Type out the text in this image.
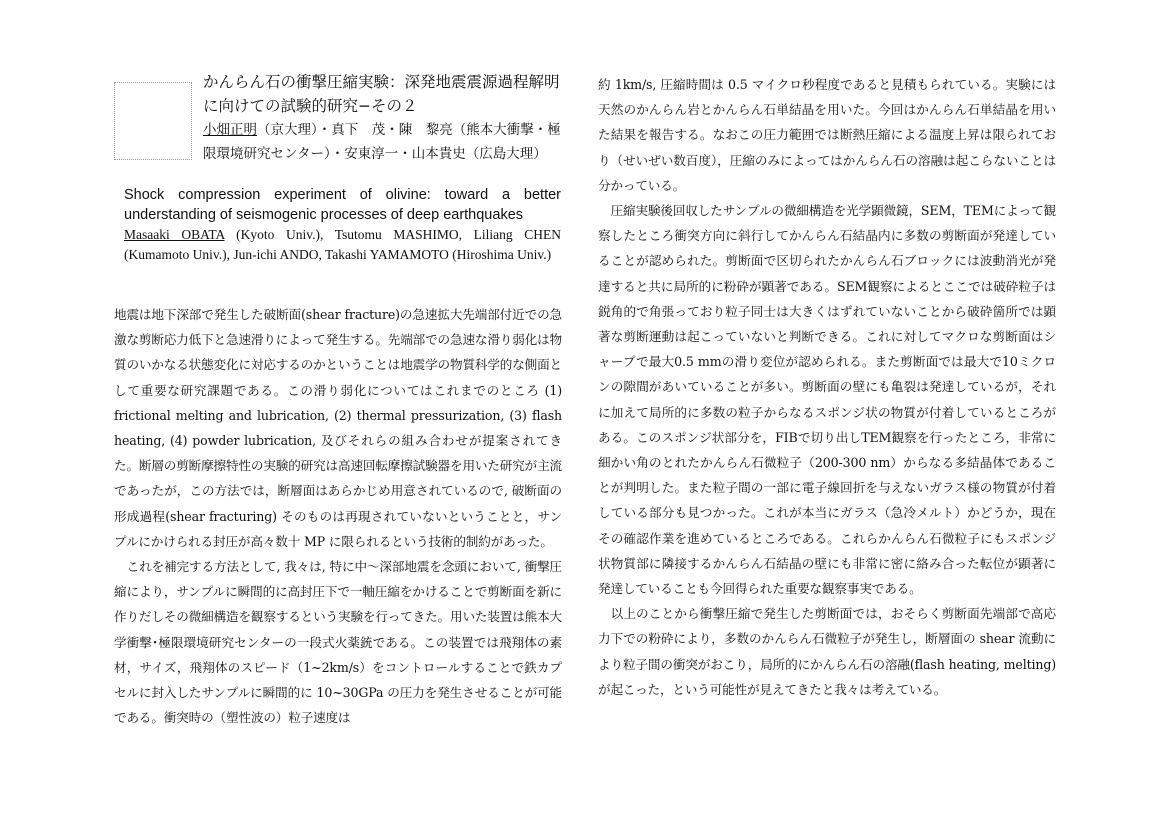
かんらん石の衝撃圧縮実験：深発地震震源過程解明に向けての試験的研究−その２
小畑正明（京大理）・真下　茂・陳　黎亮（熊本大衝撃・極限環境研究センター）・安東淳一・山本貴史（広島大理）
Shock compression experiment of olivine: toward a better understanding of seismogenic processes of deep earthquakes
Masaaki OBATA (Kyoto Univ.), Tsutomu MASHIMO, Liliang CHEN (Kumamoto Univ.), Jun-ichi ANDO, Takashi YAMAMOTO (Hiroshima Univ.)

地震は地下深部で発生した破断面(shear fracture)の急速拡大先端部付近での急激な剪断応力低下と急速滑りによって発生する。先端部での急速な滑り弱化は物質のいかなる状態変化に対応するのかということは地震学の物質科学的な側面として重要な研究課題である。この滑り弱化についてはこれまでのところ (1) frictional melting and lubrication, (2) thermal pressurization, (3) flash heating, (4) powder lubrication, 及びそれらの組み合わせが提案されてきた。断層の剪断摩擦特性の実験的研究は高速回転摩擦試験器を用いた研究が主流であったが，この方法では，断層面はあらかじめ用意されているので, 破断面の形成過程(shear fracturing) そのものは再現されていないということと，サンプルにかけられる封圧が高々数十 MP に限られるという技術的制約があった。

これを補完する方法として, 我々は, 特に中〜深部地震を念頭において, 衝撃圧縮により，サンプルに瞬間的に高封圧下で一軸圧縮をかけることで剪断面を新に作りだしその微細構造を観察するという実験を行ってきた。用いた装置は熊本大学衝撃･極限環境研究センターの一段式火薬銃である。この装置では飛翔体の素材，サイズ，飛翔体のスピード（1~2km/s）をコントロールすることで鉄カプセルに封入したサンプルに瞬間的に 10~30GPa の圧力を発生させることが可能である。衝突時の（塑性波の）粒子速度は

約 1km/s, 圧縮時間は 0.5 マイクロ秒程度であると見積もられている。実験には天然のかんらん岩とかんらん石単結晶を用いた。今回はかんらん石単結晶を用いた結果を報告する。なおこの圧力範囲では断熱圧縮による温度上昇は限られており（せいぜい数百度），圧縮のみによってはかんらん石の溶融は起こらないことは分かっている。

圧縮実験後回収したサンプルの微細構造を光学顕微鏡，SEM，TEMによって観察したところ衝突方向に斜行してかんらん石結晶内に多数の剪断面が発達していることが認められた。剪断面で区切られたかんらん石ブロックには波動消光が発達すると共に局所的に粉砕が顕著である。SEM観察によるとここでは破砕粒子は鋭角的で角張っており粒子同士は大きくはずれていないことから破砕箇所では顕著な剪断運動は起こっていないと判断できる。これに対してマクロな剪断面はシャープで最大0.5 mmの滑り変位が認められる。また剪断面では最大で10ミクロンの隙間があいていることが多い。剪断面の壁にも亀裂は発達しているが，それに加えて局所的に多数の粒子からなるスポンジ状の物質が付着しているところがある。このスポンジ状部分を，FIBで切り出しTEM観察を行ったところ，非常に細かい角のとれたかんらん石微粒子（200-300 nm）からなる多結晶体であることが判明した。また粒子間の一部に電子線回折を与えないガラス様の物質が付着している部分も見つかった。これが本当にガラス（急冷メルト）かどうか，現在その確認作業を進めているところである。これらかんらん石微粒子にもスポンジ状物質部に隣接するかんらん石結晶の壁にも非常に密に絡み合った転位が顕著に発達していることも今回得られた重要な観察事実である。

以上のことから衝撃圧縮で発生した剪断面では，おそらく剪断面先端部で高応力下での粉砕により，多数のかんらん石微粒子が発生し，断層面の shear 流動により粒子間の衝突がおこり，局所的にかんらん石の溶融(flash heating, melting)が起こった，という可能性が見えてきたと我々は考えている。
